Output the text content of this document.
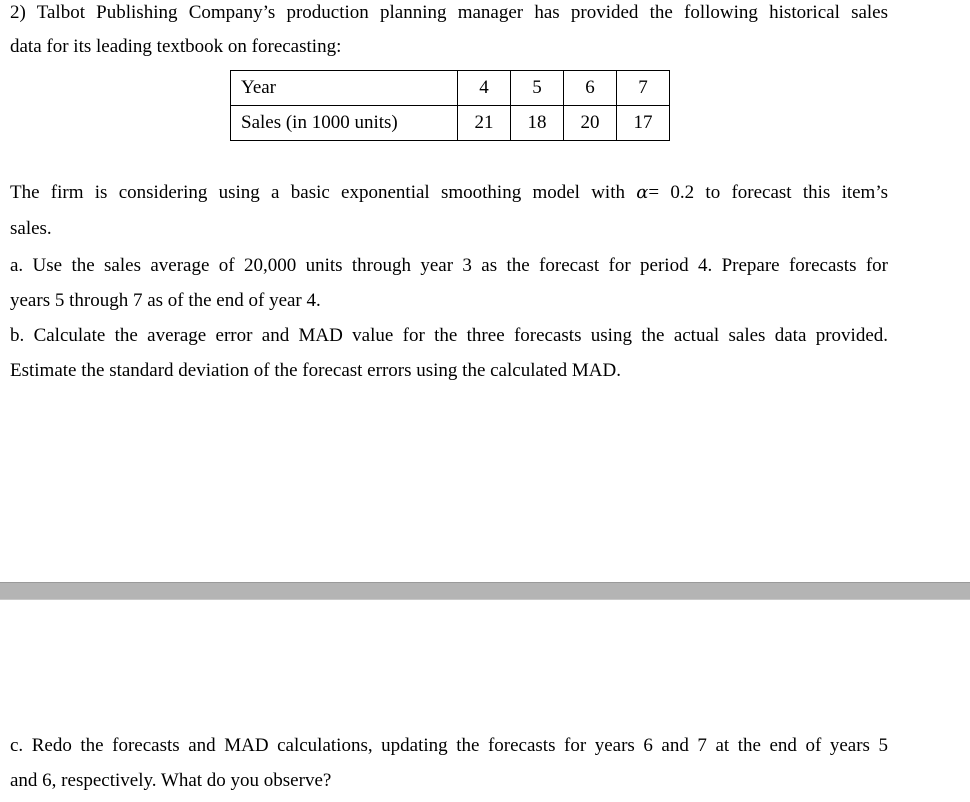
2) Talbot Publishing Company’s production planning manager has provided the following historical sales
data for its leading textbook on forecasting:
Year	4	5	6	7
Sales (in 1000 units)	21	18	20	17
The firm is considering using a basic exponential smoothing model with α= 0.2 to forecast this item’s
sales.
a. Use the sales average of 20,000 units through year 3 as the forecast for period 4. Prepare forecasts for
years 5 through 7 as of the end of year 4.
b. Calculate the average error and MAD value for the three forecasts using the actual sales data provided.
Estimate the standard deviation of the forecast errors using the calculated MAD.
c. Redo the forecasts and MAD calculations, updating the forecasts for years 6 and 7 at the end of years 5
and 6, respectively. What do you observe?
